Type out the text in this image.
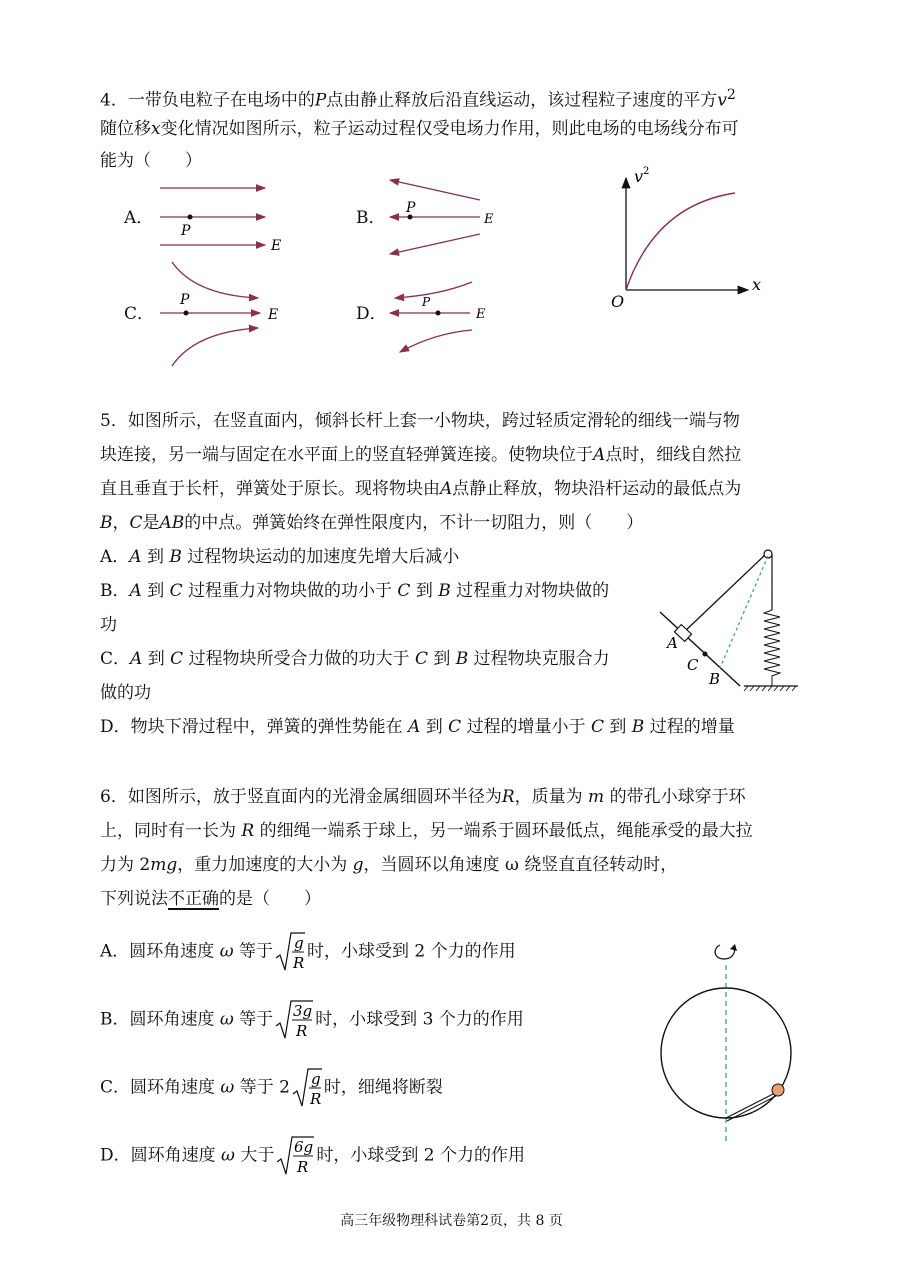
4．一带负电粒子在电场中的P点由静止释放后沿直线运动，该过程粒子速度的平方$v^2$
随位移x变化情况如图所示，粒子运动过程仅受电场力作用，则此电场的电场线分布可
能为（　　）
A．	B．
C．	D．
P
E
P
E
P
E
P
E
v 2
x
O
5．如图所示，在竖直面内，倾斜长杆上套一小物块，跨过轻质定滑轮的细线一端与物
块连接，另一端与固定在水平面上的竖直轻弹簧连接。使物块位于A点时，细线自然拉
直且垂直于长杆，弹簧处于原长。现将物块由A点静止释放，物块沿杆运动的最低点为
B，C是AB的中点。弹簧始终在弹性限度内，不计一切阻力，则（　　）
A．A 到 B 过程物块运动的加速度先增大后减小
B．A 到 C 过程重力对物块做的功小于 C 到 B 过程重力对物块做的
功
C．A 到 C 过程物块所受合力做的功大于 C 到 B 过程物块克服合力
做的功
D．物块下滑过程中，弹簧的弹性势能在 A 到 C 过程的增量小于 C 到 B 过程的增量
A
C
B
6．如图所示，放于竖直面内的光滑金属细圆环半径为R，质量为 m 的带孔小球穿于环
上，同时有一长为 R 的细绳一端系于球上，另一端系于圆环最低点，绳能承受的最大拉
力为 2mg，重力加速度的大小为 g，当圆环以角速度 ω 绕竖直直径转动时，
下列说法不正确的是（　　）
A．圆环角速度 ω 等于 g
R
时，小球受到 2 个力的作用
B．圆环角速度 ω 等于 3g
R
时，小球受到 3 个力的作用
C．圆环角速度 ω 等于 2 g
R
时，细绳将断裂
D．圆环角速度 ω 大于 6g
R
时，小球受到 2 个力的作用
高三年级物理科试卷第2页，共 8 页
